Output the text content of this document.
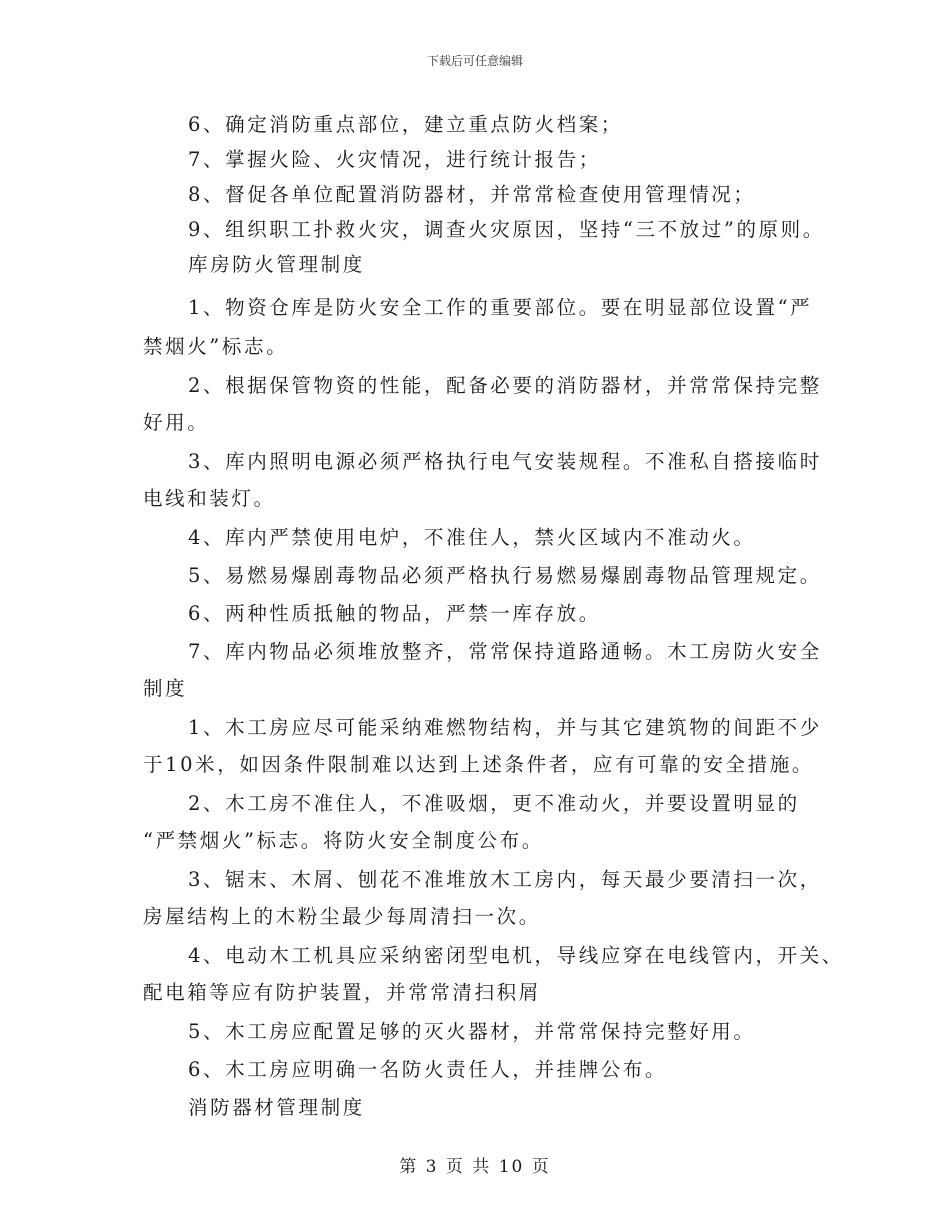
下载后可任意编辑
6、确定消防重点部位，建立重点防火档案；
7、掌握火险、火灾情况，进行统计报告；
8、督促各单位配置消防器材，并常常检查使用管理情况；
9、组织职工扑救火灾，调查火灾原因，坚持“三不放过”的原则。
库房防火管理制度
1、物资仓库是防火安全工作的重要部位。要在明显部位设置“严
禁烟火”标志。
2、根据保管物资的性能，配备必要的消防器材，并常常保持完整
好用。
3、库内照明电源必须严格执行电气安装规程。不准私自搭接临时
电线和装灯。
4、库内严禁使用电炉，不准住人，禁火区域内不准动火。
5、易燃易爆剧毒物品必须严格执行易燃易爆剧毒物品管理规定。
6、两种性质抵触的物品，严禁一库存放。
7、库内物品必须堆放整齐，常常保持道路通畅。木工房防火安全
制度
1、木工房应尽可能采纳难燃物结构，并与其它建筑物的间距不少
于10米，如因条件限制难以达到上述条件者，应有可靠的安全措施。
2、木工房不准住人，不准吸烟，更不准动火，并要设置明显的
“严禁烟火”标志。将防火安全制度公布。
3、锯末、木屑、刨花不准堆放木工房内，每天最少要清扫一次，
房屋结构上的木粉尘最少每周清扫一次。
4、电动木工机具应采纳密闭型电机，导线应穿在电线管内，开关、
配电箱等应有防护装置，并常常清扫积屑
5、木工房应配置足够的灭火器材，并常常保持完整好用。
6、木工房应明确一名防火责任人，并挂牌公布。
消防器材管理制度
第 3 页 共 10 页
